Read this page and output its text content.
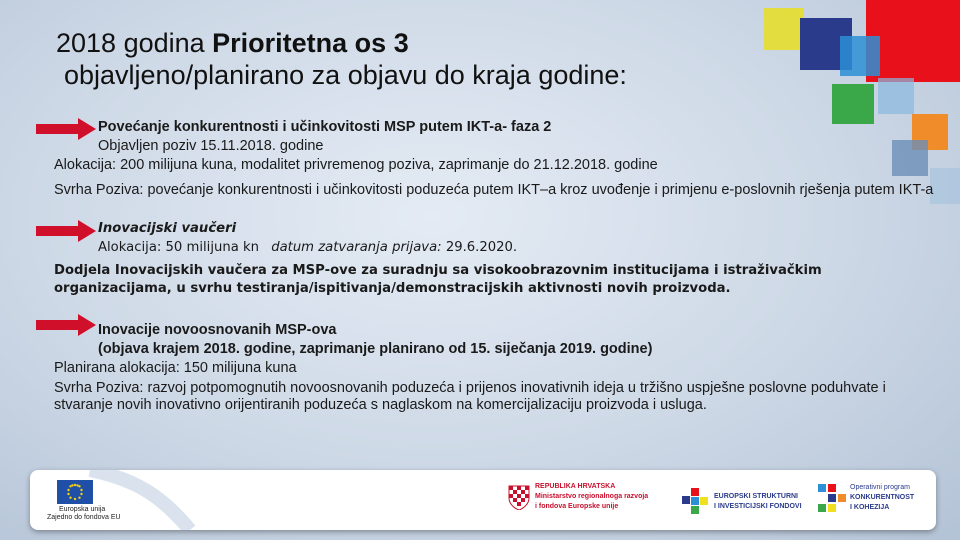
2018 godina Prioritetna os 3
objavljeno/planirano za objavu do kraja godine:
Povećanje konkurentnosti i učinkovitosti MSP putem IKT-a- faza 2
Objavljen poziv 15.11.2018. godine
Alokacija: 200 milijuna kuna, modalitet privremenog poziva, zaprimanje do 21.12.2018. godine
Svrha Poziva: povećanje konkurentnosti i učinkovitosti poduzeća putem IKT–a kroz uvođenje i primjenu e-poslovnih rješenja putem IKT-a
Inovacijski vaučeri
Alokacija: 50 milijuna kn datum zatvaranja prijava: 29.6.2020.
Dodjela Inovacijskih vaučera za MSP-ove za suradnju sa visokoobrazovnim institucijama i istraživačkim organizacijama, u svrhu testiranja/ispitivanja/demonstracijskih aktivnosti novih proizvoda.
Inovacije novoosnovanih MSP-ova
(objava krajem 2018. godine, zaprimanje planirano od 15. siječanja 2019. godine)
Planirana alokacija: 150 milijuna kuna
Svrha Poziva: razvoj potpomognutih novoosnovanih poduzeća i prijenos inovativnih ideja u tržišno uspješne poslovne poduhvate i stvaranje novih inovativno orijentiranih poduzeća s naglaskom na komercijalizaciju proizvoda i usluga.
Europska unija
Zajedno do fondova EU
REPUBLIKA HRVATSKA
Ministarstvo regionalnoga razvoja
i fondova Europske unije
EUROPSKI STRUKTURNI
I INVESTICIJSKI FONDOVI
Operativni program
KONKURENTNOST
I KOHEZIJA
